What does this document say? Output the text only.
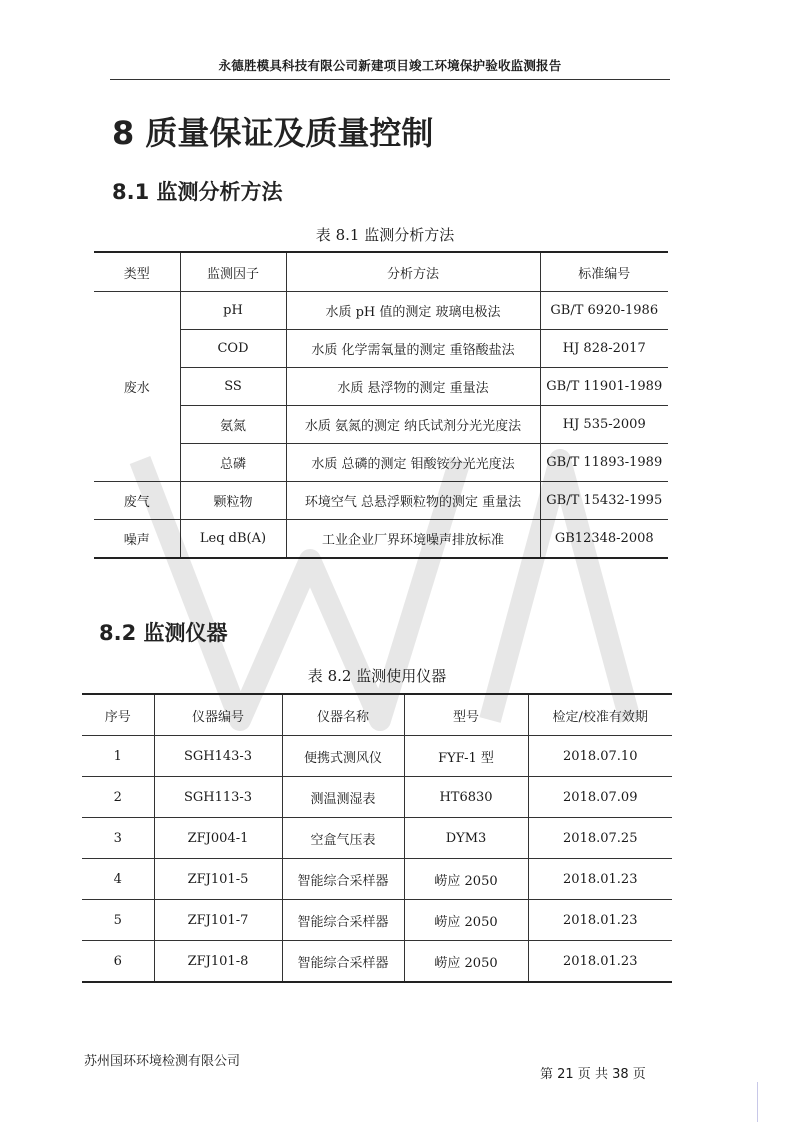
永德胜模具科技有限公司新建项目竣工环境保护验收监测报告
8 质量保证及质量控制
8.1 监测分析方法
表 8.1 监测分析方法
类型	监测因子	分析方法	标准编号
废水	pH	水质 pH 值的测定 玻璃电极法	GB/T 6920-1986
	COD	水质 化学需氧量的测定 重铬酸盐法	HJ 828-2017
	SS	水质 悬浮物的测定 重量法	GB/T 11901-1989
	氨氮	水质 氨氮的测定 纳氏试剂分光光度法	HJ 535-2009
	总磷	水质 总磷的测定 钼酸铵分光光度法	GB/T 11893-1989
废气	颗粒物	环境空气 总悬浮颗粒物的测定 重量法	GB/T 15432-1995
噪声	Leq dB(A)	工业企业厂界环境噪声排放标准	GB12348-2008
8.2 监测仪器
表 8.2 监测使用仪器
序号	仪器编号	仪器名称	型号	检定/校准有效期
1	SGH143-3	便携式测风仪	FYF-1 型	2018.07.10
2	SGH113-3	测温测湿表	HT6830	2018.07.09
3	ZFJ004-1	空盒气压表	DYM3	2018.07.25
4	ZFJ101-5	智能综合采样器	崂应 2050	2018.01.23
5	ZFJ101-7	智能综合采样器	崂应 2050	2018.01.23
6	ZFJ101-8	智能综合采样器	崂应 2050	2018.01.23
苏州国环环境检测有限公司
第 21 页 共 38 页
